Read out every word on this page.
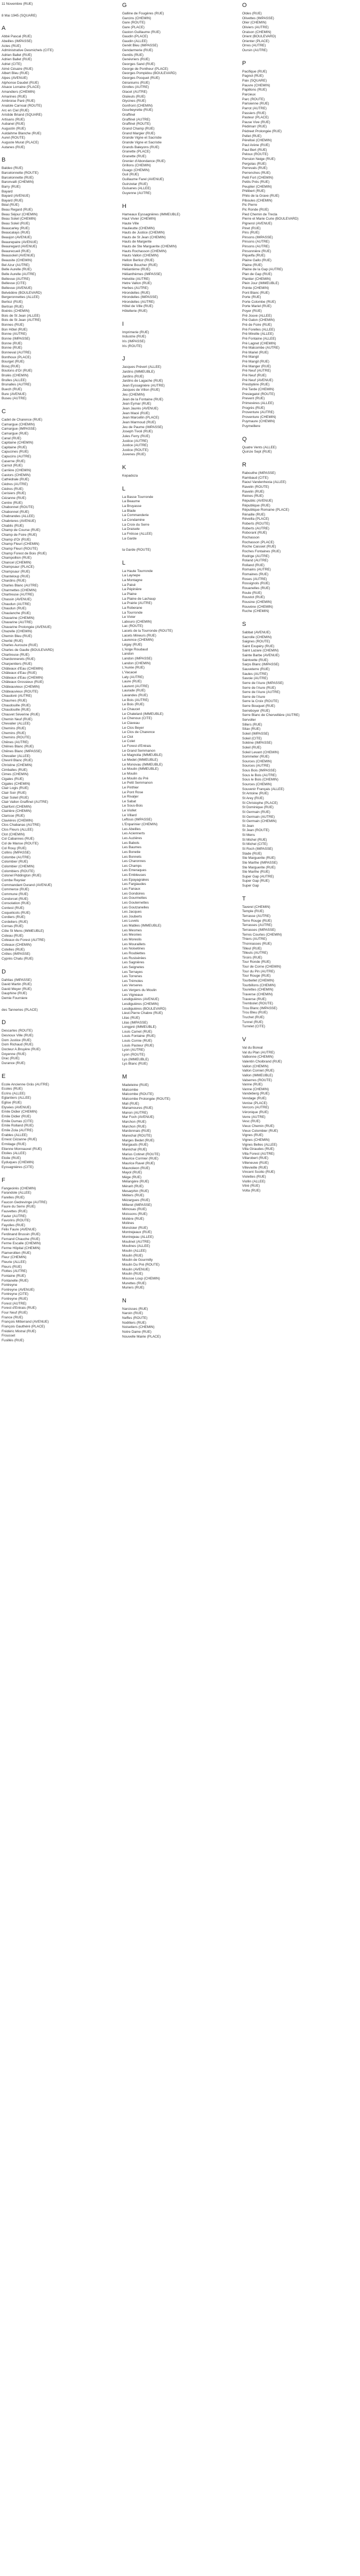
11 Novembre (RUE)
8 Mai 1945 (SQUARE)
A
Abbé Pascal (RUE)
Abeilles (IMPASSE)
Actes (RUE)
Administrative Desmichels (CITE)
Adrien Ballet (RUE)
Adrien Ballet (RUE)
Adriel (CITE)
Aimé Césaire (RUE)
Albert Bleu (RUE)
Alpes (AVENUE)
Alphonse Daudet (RUE)
Alsace Lorraine (PLACE)
Amandiers (CHEMIN)
Amarines (RUE)
Ambroise Paré (RUE)
Anatole Carnoal (ROUTE)
Arc en Ciel (RUE)
Aristide Briand (SQUARE)
Artisans (RUE)
Aubanel (RUE)
Augustin (RUE)
Auldahme Blanche (RUE)
Aurel (ROUTE)
Auguste Murat (PLACE)
Autanes (RUE)
B
Baldeo (RUE)
Barcelonnette (ROUTE)
Barcelonnette (RUE)
Baronvalli (CHEMIN)
Barry (RUE)
Bayard
Bayard (AVENUE)
Bayard (RUE)
Béal (RUE)
Beau Regard (RUE)
Beau Séjour (CHEMIN)
Beau Soleil (CHEMIN)
Beau Soleil (RUE)
Beaucarley (RUE)
Beaucalays (RUE)
Beaujon (AVENUE)
Beaurepaire (AVENUE)
Beauregard (AVENUE)
Beaurecueil (RUE)
Beausoleil (AVENUE)
Beausite (CHEMIN)
Bel Azur (AUTRE)
Belle Aurelle (RUE)
Belle Aurelle (AUTRE)
Bellevue (AUTRE)
Bellevue (CITE)
Bellevue (AVENUE)
Belvédère (BOULEVARD)
Bergeronnettes (ALLEE)
Berlioz (RUE)
Bertran (RUE)
Boérès (CHEMIN)
Bois de St Jean (ALLEE)
Bois de St Jean (AUTRE)
Bonnes (RUE)
Bon Hôtel (RUE)
Bonne (AUTRE)
Bonne (IMPASSE)
Bonne (RUE)
Bonne (RUE)
Bonneval (AUTRE)
Bonthoux (PLACE)
Bourget (RUE)
Bosq (RUE)
Boutons d'Or (RUE)
Brulés (CHEMIN)
Brulles (ALLEE)
Brunalles (AUTRE)
Buech (RUE)
Bure (AVENUE)
Buseu (AUTRE)
C
Cadet de Charence (RUE)
Camargue (CHEMIN)
Camargue (IMPASSE)
Camargue (RUE)
Canal (RUE)
Capitaine (CHEMIN)
Capitaine (RUE)
Capucines (RUE)
Capucins (AUTRE)
Caserne (RUE)
Carnot (RUE)
Carrière (CHEMIN)
Castors (CHEMIN)
Cathédrale (RUE)
Cèdres (AUTRE)
Cèdres (RUE)
Cerisiers (RUE)
Cézanne (RUE)
Centre (RUE)
Chabonnet (ROUTE)
Chabonnet (RUE)
Chabrandes (ALLEE)
Chabrieres (AVENUE)
Chablis (RUE)
Champ de Course (RUE)
Champ de Foire (RUE)
Champ d'Or (RUE)
Champ Fleuri (CHEMIN)
Champ Fleuri (ROUTE)
Champ Forest de Bois (RUE)
Champollion (RUE)
Chancel (CHEMIN)
Champsaur (PLACE)
Champsaur (RUE)
Chanteloup (RUE)
Chardins (RUE)
Charles Blanc (AUTRE)
Charmettes (CHEMIN)
Chartreuse (AUTRE)
Chassin (AVENUE)
Chaudun (AUTRE)
Chaudun (RUE)
Chaulanche (RUE)
Chavarine (CHEMIN)
Chavarine (AUTRE)
Chavarine Prolongée (AVENUE)
Chazelle (CHEMIN)
Chemin Bleu (RUE)
Cherlié (RUE)
Charles Aurouze (RUE)
Charles de Gaulle (BOULEVARD)
Chartreuse (RUE)
Chardonnerets (RUE)
Charpentiers (RUE)
Châteaux d'Eau (CHEMIN)
Châteaux d'Eau (RUE)
Châteaux d'Eau (CHEMIN)
Châteaux Grossieux (RUE)
Châteauvieux (CHEMIN)
Châteauvieux (ROUTE)
Chaudoré (AUTRE)
Chaumes (RUE)
Chaudouille (RUE)
Chaudouille (RUE)
Chauvet Séverine (RUE)
Chemin Neuf (RUE)
Chevalier (ALLEE)
Chemins (RUE)
Chemins (RUE)
Chemins (ROUTE)
Chênes (AUTRE)
Chênes Blanc (RUE)
Chênes Blanc (IMPASSE)
Chevalier (ALLEE)
Chevril Blanc (RUE)
Christine (CHEMIN)
Cimballes (RUE)
Cimes (CHEMIN)
Cigales (RUE)
Cigales (CHEMIN)
Clair Logis (RUE)
Clair Soir (RUE)
Clair Soleil (RUE)
Clair Vallon Graffinel (AUTRE)
Clairfont (CHEMIN)
Clairière (CHEMIN)
Clarisse (RUE)
Clavières (CHEMIN)
Clos Chabanas (AUTRE)
Clos Fleurs (ALLEE)
Clot (CHEMIN)
Col Cabannes (RUE)
Col de Manse (ROUTE)
Col Rouy (RUE)
Collins (IMPASSE)
Colombe (AUTRE)
Colombier (RUE)
Colombier (CHEMIN)
Colombiers (ROUTE)
Colonel Piddington (RUE)
Combe Reynier
Commandant Durand (AVENUE)
Commerce (RUE)
Commune (RUE)
Condorcet (RUE)
Consolation (RUE)
Contest (RUE)
Coquelicots (RUE)
Cordiers (RUE)
Cordeliers (RUE)
Cornas (RUE)
Côte St Mens (IMMEUBLE)
Coteau (RUE)
Coteaux du Forest (AUTRE)
Coteaux (CHEMIN)
Cotelles (RUE)
Crêtes (IMPASSE)
Cyprès Chatu (RUE)
D
Dahlias (IMPASSE)
David Martin (RUE)
David Meyer (RUE)
Dauphine (RUE)
Demie Fourniere
des Tanneries (PLACE)
D
Descartes (ROUTE)
Desnoux Ville (RUE)
Dom Justice (RUE)
Dom Richaud (RUE)
Docteur A.Bruyère (RUE)
Doyenne (RUE)
Drac (RUE)
Durance (RUE)
E
Ecole Ancienne Grâs (AUTRE)
Écoles (RUE)
Écrins (ALLEE)
Églantiers (ALLEE)
Église (RUE)
Élysées (AVENUE)
Émile Didier (CHEMIN)
Émile Didier (RUE)
Émile Dumas (CITE)
Émile Rolland (RUE)
Émile Zola (AUTRE)
Érables (ALLEE)
Ernest Cézanne (RUE)
Ermitage (RUE)
Étienne Monnauxel (RUE)
Étoiles (ALLEE)
Étoile (RUE)
Eyduques (CHEMIN)
Eyssagniéres (CITE)
F
Fangeoirès (CHEMIN)
Farandole (ALLEE)
Farelles (RUE)
Faucon Gedrevinge (AUTRE)
Faure du Serre (RUE)
Fauvettes (RUE)
Favier (AUTRE)
Favorins (ROUTE)
Fayolles (RUE)
Félix Faure (AVENUE)
Ferdinand Brussin (RUE)
Fernand Chauche (RUE)
Ferme Escalle (CHEMIN)
Ferme Hôpital (CHEMIN)
Flamerollien (RUE)
Fleur (CHEMIN)
Fleurie (ALLEE)
Fleurs (RUE)
Flottes (AUTRE)
Fontaine (RUE)
Fontanelle (RUE)
Fontreyne
Fontreyne (AVENUE)
Fontreyne (CITE)
Fontreyne (RUE)
Forest (AUTRE)
Forest d'Entrais (RUE)
Four Neuf (RUE)
France (RUE)
François Mitterrand (AVENUE)
François Gauthérè (PLACE)
Frédéric Mistral (RUE)
Frousset
Fusillés (RUE)
G
Galline de Fougères (RUE)
Garcins (CHEMIN)
Gare (ROUTE)
Gare (PLACE)
Gaston Guillaume (RUE)
Gaudin (PLACE)
Gaudin (ALLEE)
Genêt Bleu (IMPASSE)
Gendarmerie (RUE)
Gentils (RUE)
Genévriers (RUE)
Georges Sand (RUE)
George de Pontheur (PLACE)
Georges Pompidou (BOULEVARD)
Georges Pocquet (RUE)
Géraniums (RUE)
Girolles (AUTRE)
Glacet (AUTRE)
Glaïeuls (RUE)
Glycines (RUE)
Gonfront (CHEMIN)
Gourbeyrette (RUE)
Graffinel
Graffinel (AUTRE)
Graffinel (ROUTE)
Grand Champ (RUE)
Grand Margier (RUE)
Grande Vigne et Sacristie
Grande Vigne et Sacristie
Grands Baleyons (RUE)
Granette (PLACE)
Granette (RUE)
Grenier d'Abondance (RUE)
Grillons (CHEMIN)
Guago (CHEMIN)
Guil (RUE)
Guillaume Farel (AVENUE)
Guinzetar (RUE)
Guisanes (ALLEE)
Guyenne (AUTRE)
H
Hameaux Eyssagnières (IMMEUBLE)
Haut Vivier (CHEMIN)
Haute Ville
Haulieutte (CHEMIN)
Hauts de Justice (CHEMIN)
Hauts de St Jean (CHEMIN)
Hauts de Margerite
Hauts de Ste Marguerite (CHEMIN)
Hauts Rochasson (CHEMIN)
Hauts Vallon (CHEMIN)
Hellon Berlioz (RUE)
Hélène Boucher (RUE)
Heliantème (RUE)
Hélianthèmes (IMPASSE)
Helvétie (AUTRE)
Hetre Vallon (RUE)
Herbes (AUTRE)
Hirondelles (RUE)
Hirondelles (IMPASSE)
Hirondelles (AUTRE)
Hôtel de Ville (RUE)
Hôtellerie (RUE)
I
Imprimerie (RUE)
Industrie (RUE)
Iris (IMPASSE)
Iris (ROUTE)
J
Jacques Prévert (ALLEE)
Jardins (IMMEUBLE)
Jardins (RUE)
Jardins de Lagache (RUE)
Jean Eyssagnière (AUTRE)
Jacques de Villon (RUE)
Jeu (CHEMIN)
Jean de la Fontaine (RUE)
Jean Eymar (RUE)
Jean Jaurès (AVENUE)
Jean Macé (RUE)
Jean Marcellin (PLACE)
Jean Marmoud (RUE)
Jeu de Paume (IMPASSE)
Joseph Tivoli (RUE)
Jules Ferry (RUE)
Justice (AUTRE)
Justice (AUTRE)
Justice (ROUTE)
Juvenes (RUE)
K
Kepadoza
L
La Basse Tourronde
La Beaume
La Bruyasse
La Blade
La Commanderie
La Condamine
La Croix du Serre
La Draisele
La Fréisse (ALLEE)
La Garde
la Garde (ROUTE)
L
La Haute Tourronde
La Laynepe
La Montagne
La Paisé
La Pépinière
La Plaine
La Plaine de Lachaup
La Prairie (AUTRE)
La Roberane
La Tourronde
Le Vivier
Labouro (CHEMIN)
Lac (ROUTE)
Lacets de la Tourronde (ROUTE)
Lacets Mineurs (RUE)
Laurence (CHEMIN)
Légay (RUE)
L'Ange Roudaud
Landon
Landon (IMPASSE)
Landon (CHEMIN)
L'Aurée (RUE)
L'Vacacel
Laty (AUTRE)
Laure (RUE)
Laurent (AUTRE)
Laurade (RUE)
Lavandes (RUE)
Le Bois (AUTRE)
Le Bois (RUE)
Le Chaucet
Le Chatelard (IMMEUBLE)
Le Chenoux (CITE)
Le Claveau
Le Clos Beyer
Le Clos de Charence
Le Clot
Le Colet
Le Forest d'Entrais
Le Grand Semmanon
Le Magnolia (IMMEUBLE)
Le Medet (IMMEUBLE)
Le Monovau (IMMEUBLE)
Le Moulin (IMMEUBLE)
Le Moulin
Le Moulin du Pré
Le Petit Semmanon
Le Pinthier
Le Pont Rose
Le Rivaljer
Le Sabat
Le Sous-Bois
Le Viollet
Le Villard
Leftous (IMPASSE)
L'Enparinier (CHEMIN)
Les Abeilles
Les Aciennerts
Les Auzières
Les Babols
Les Baumes
Les Bonetie
Les Bonnets
Les Charonnes
Les Champs
Les Emeraques
Les Embleuses
Les Epayagrakes
Les Fargiaudes
Les Fanaux
Les Gondoires
Les Gourmettes
Les Gouternettes
Les Goutzanelles
Les Jacques
Les Jouberts
Les Luvets
Les Mables (IMMEUBLE)
Les Mesmes
Les Mesnies
Les Moreslis
Les Mouraillets
Les Noisetines
Les Roubiettes
Les Rusisérées
Les Sagnières
Les Seignetes
Les Ternayes
Les Torrenes
Les Trémoles
Les Verseres
Les Vergers du Moulin
Les Vigneaux
Lesdiguières (AVENUE)
Lesdiguières (CHEMIN)
Lesdiguières (BOULEVARD)
Lieut.Pierre Chabre (RUE)
Lilas (RUE)
Lilas (IMPASSE)
Longpré (IMMEUBLE)
Louis Camet (RUE)
Louis Fontaine (RUE)
Louis Cornie (RUE)
Louis Pasteur (RUE)
Lyon (AUTRE)
Lyon (ROUTE)
Lys (IMMEUBLE)
Lys Blanc (RUE)
M
Madeleine (RUE)
Malcombe
Malcombe (ROUTE)
Malcombe Prolongée (ROUTE)
Mali (RUE)
Manamoures (RUE)
Manon (AUTRE)
Mar Foch (AVENUE)
Marchon (RUE)
Marchon (RUE)
Mardonnais (RUE)
Marechal (ROUTE)
Marges Bedet (RUE)
Margauds (RUE)
Maréchal (RUE)
Marius Cotinet (ROUTE)
Maurice Cormier (RUE)
Maurice Ravel (RUE)
Maunoleon (RUE)
Mayol (RUE)
Mège (RUE)
Mélangère (RUE)
Mérarit (RUE)
Mesarphin (RUE)
Métiers (RUE)
Mézargues (RUE)
Milleret (IMPASSE)
Mimosas (RUE)
Moissons (RUE)
Molière (RUE)
Molines
Moncloier (RUE)
Montrejeaux (RUE)
Montrejeau (ALLEE)
Moulinet (AUTRE)
Moulines (ALLEE)
Moulin (ALLEE)
Moulin (RUE)
Moulin de Gourmilly
Moulin Du Pré (ROUTE)
Moulin (AVENUE)
Moulin (RUE)
Mousse Loup (CHEMIN)
Murettes (RUE)
Muriers (RUE)
N
Narcisses (RUE)
Naroin (RUE)
Neffes (ROUTE)
Noëlliers (RUE)
Noisetiers (CHEMIN)
Notre Dame (RUE)
Nouvelle Mairie (PLACE)
O
Oldes (RUE)
Olivettes (IMPASSE)
Olier (CHEMIN)
Oliviers (AUTRE)
Oraison (CHEMIN)
Orient (BOULEVARD)
Orienter (PLACE)
Orres (AUTRE)
Oursin (AUTRE)
P
Pacifique (RUE)
Pagnol (RUE)
Paix (SQUARE)
Pauvre (CHEMIN)
Papillons (RUE)
Parcieux
Parc (ROUTE)
Parisienne (RUE)
Parrot (AUTRE)
Passiers (RUE)
Pasteur (PLACE)
Pause Vive (RUE)
Pédimarr (RUE)
Pédreet Prolongée (RUE)
Pellet (RUE)
Pérelloé (CHEMIN)
Paul Arène (RUE)
Paul Bert (RUE)
Peloux (ROUTE)
Pension Neige (RUE)
Pergolas (RUE)
Perrevals (RUE)
Perrenches (RUE)
Petit Fort (CHEMIN)
Petits Prés (RUE)
Peuplier (CHEMIN)
Philibert (RUE)
Philo de la Grave (RUE)
Piboules (CHEMIN)
Pic Pierre
Pic Ronde (RUE)
Pied Chemin de Trecla
Pierre et Marie Curie (BOULEVARD)
Pignerol (AVENUE)
Pinet (RUE)
Pins (RUE)
Pinsons (IMPASSE)
Pinsons (AUTRE)
Pinsons (AUTRE)
Pinsonnière (RUE)
Piquelfa (RUE)
Plaine Gallo (RUE)
Plaine (RUE)
Plaine de la Gap (AUTRE)
Plan de Gap (RUE)
Plantier (CHEMIN)
Plein Jour (IMMEUBLE)
Pointe (CHEMIN)
Pont Blanc (RUE)
Porte (RUE)
Porte Colombe (RUE)
Porte Mariel (RUE)
Poyer (RUE)
Pré Jouve (ALLEE)
Pré Galon (CHEMIN)
Pré de Foire (RUE)
Pré Forelles (ALLEE)
Pré Mireille (ALLEE)
Pré Fontaine (ALLEE)
Pré Lagnet (CHEMIN)
Pré Malcombe (AUTRE)
Pré Mariel (RUE)
Pré Mangil
Pré Mangil (RUE)
Pré Manger (RUE)
Pré Neuf (AUTRE)
Pré Neuf (RUE)
Pré Neuf (AVENUE)
Presbytère (RUE)
Pré Tarde (CHEMIN)
Presiegatol (ROUTE)
Prevent (RUE)
Primevères (ALLEE)
Progrès (RUE)
Proventure (AUTRE)
Proventure (CHEMIN)
Puymaure (CHEMIN)
Puymeillere
Q
Quatre Vents (ALLEE)
Quinze Sept (RUE)
R
Rabouthe (IMPASSE)
Rambaud (CITE)
Raoul Vandenhexia (ALLEE)
Ravelin (ROUTE)
Ravelin (RUE)
Reines (RUE)
Républic (AVENUE)
République (RUE)
République Romaine (PLACE)
Rénaille (RUE)
Réveilla (PLACE)
Roberts (ROUTE)
Roberts (AUTRE)
Roborant (RUE)
Rochasson
Rochasson (PLACE)
Roche Caissiet (RUE)
Roches Fontaines (RUE)
Rodrige (AUTRE)
Roland (AUTRE)
Rolland (RUE)
Romains (AUTRE)
Romaines (RUE)
Roses (AUTRE)
Rossignols (RUE)
Rouanelles (RUE)
Roule (RUE)
Roustot (RUE)
Rousine (CHEMIN)
Rouvène (CHEMIN)
Ruche (CHEMIN)
S
Sabbat (AVENUE)
Sacrolle (CHEMIN)
Saignes (ROUTE)
Saint Exupéry (RUE)
Saint Lazare (CHEMIN)
Sainte Barbe (AVENUE)
Saintvette (RUE)
Sarps Blanc (IMPASSE)
Sauveterre (RUE)
Saules (AUTRE)
Savoie (AUTRE)
Serre de l'Aure (IMPASSE)
Serre de l'Aure (RUE)
Serre de l'Aure (AUTRE)
Serre de l'Aure
Serre la Croix (ROUTE)
Serre Bouquet (RUE)
Serreboyer (RUE)
Serre Blanc de Chervellière (AUTRE)
Servoller
Sillers (RUE)
Sitax (RUE)
Soleil (IMPASSE)
Soleil (CITE)
Soléine (IMPASSE)
Soleil (RUE)
Soleil Levant (CHEMIN)
Sommelier (RUE)
Sources (CHEMIN)
Sources (AUTRE)
Sous Bois (IMPASSE)
Sous le Bois (AUTRE)
Sous le Bois (CHEMIN)
Sources (CHEMIN)
Souvenir Français (ALLEE)
St Antoine (RUE)
St Arey (RUE)
St Christophe (PLACE)
St Dominique (RUE)
St Germain (RUE)
St Germain (AUTRE)
St Germain (CHEMIN)
St Jean
St Jean (ROUTE)
St Mens
St Michel (RUE)
St Michel (CITE)
St Roch (IMPASSE)
Stade (RUE)
Ste Marguerite (RUE)
Ste Marthe (IMPASSE)
Ste Marguerite (RUE)
Ste Marthe (RUE)
Super Gap (AUTRE)
Super Gap (RUE)
Super Gap
T
Taverel (CHEMIN)
Temple (RUE)
Terrasse (AUTRE)
Terre Rouge (RUE)
Terrasses (AUTRE)
Terrasses (IMPASSE)
Terres Courtes (CHEMIN)
Thiers (AUTRE)
Thonnasses (RUE)
Tilleul (RUE)
Tilleuls (AUTRE)
Tiroirs (RUE)
Tour Ronde (RUE)
Tour de Corne (CHEMIN)
Tour du Pin (AUTRE)
Tour Rouge (RUE)
Tourbellet (CHEMIN)
Tourbillons (CHEMIN)
Tourettes (CHEMIN)
Traverse (CHEMIN)
Traverse (RUE)
Trembolet (ROUTE)
Trou Blanc (IMPASSE)
Trou Bleu (RUE)
Truchet (RUE)
Tunnel (RUE)
Turrelet (CITE)
V
Val du Boreal
Val du Plan (AUTRE)
Valbonne (CHEMIN)
Valentin Choibrand (RUE)
Vallon (CHEMIN)
Vallon Corniet (RUE)
Vallon (IMMEUBLE)
Valserres (ROUTE)
Vanne (RUE)
Vanne (CHEMIN)
Vandeberg (RUE)
Vendage (RUE)
Venise (PLACE)
Vercors (AUTRE)
Véronique (RUE)
Verre (AUTRE)
Vesc (RUE)
Vieux Chemin (RUE)
Vieux Colombier (RUE)
Vignes (RUE)
Vignes (CHEMIN)
Vignes Belles (ALLEE)
Villa Giraudes (RUE)
Villa Forest (AUTRE)
Villarobert (RUE)
Villeneuve (RUE)
Villevieille (RUE)
Vincent Scotto (RUE)
Violettes (RUE)
Viollin (ALLEE)
Vitré (RUE)
Volta (RUE)
